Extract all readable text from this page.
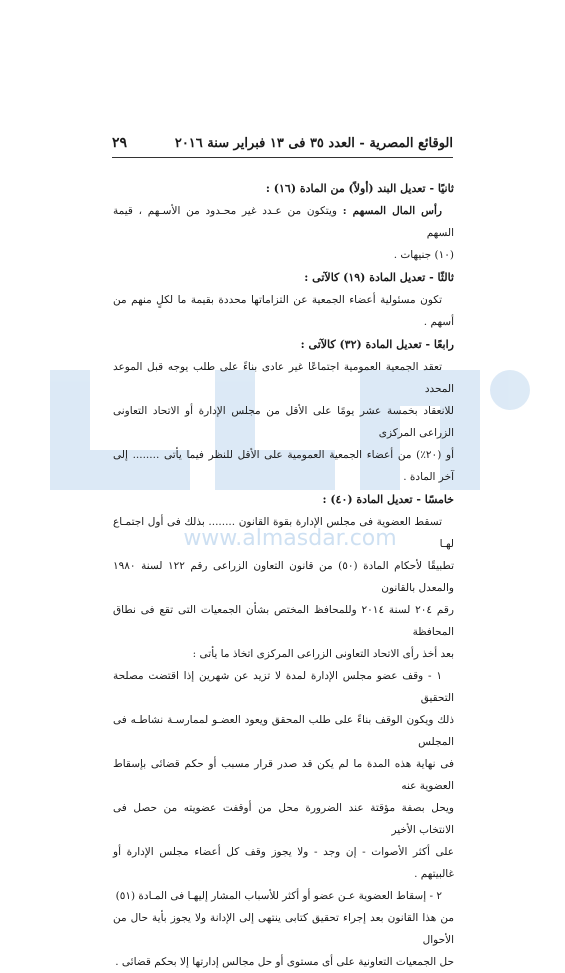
www.almasdar.com
الوقائع المصرية - العدد ٣٥ فى ١٣ فبراير سنة ٢٠١٦
٢٩
ثانيًا - تعديل البند (أولاً) من المادة (١٦) :
رأس المال المسهم : ويتكون من عـدد غير محـدود من الأسـهم ، قيمة السهم
(١٠) جنيهات .
ثالثًا - تعديل المادة (١٩) كالآتى :
تكون مسئولية أعضاء الجمعية عن التزاماتها محددة بقيمة ما لكلٍ منهم من أسهم .
رابعًا - تعديل المادة (٣٢) كالآتى :
تعقد الجمعية العمومية اجتماعًا غير عادى بناءً على طلب يوجه قبل الموعد المحدد
للانعقاد بخمسة عشر يومًا على الأقل من مجلس الإدارة أو الاتحاد التعاونى الزراعى المركزى
أو (٢٠٪) من أعضاء الجمعية العمومية على الأقل للنظر فيما يأتى ........ إلى آخر المادة .
خامسًا - تعديل المادة (٤٠) :
تسقط العضوية فى مجلس الإدارة بقوة القانون ........ بذلك فى أول اجتمـاع لهـا
تطبيقًا لأحكام المادة (٥٠) من قانون التعاون الزراعى رقم ١٢٢ لسنة ١٩٨٠ والمعدل بالقانون
رقم ٢٠٤ لسنة ٢٠١٤ وللمحافظ المختص بشأن الجمعيات التى تقع فى نطاق المحافظة
بعد أخذ رأى الاتحاد التعاونى الزراعى المركزى اتخاذ ما يأتى :
١ - وقف عضو مجلس الإدارة لمدة لا تزيد عن شهرين إذا اقتضت مصلحة التحقيق
ذلك ويكون الوقف بناءً على طلب المحقق ويعود العضـو لممارسـة نشاطـه فى المجلس
فى نهاية هذه المدة ما لم يكن قد صدر قرار مسبب أو حكم قضائى بإسقاط العضوية عنه
ويحل بصفة مؤقتة عند الضرورة محل من أوقفت عضويته من حصل فى الانتخاب الأخير
على أكثر الأصوات - إن وجد - ولا يجوز وقف كل أعضاء مجلس الإدارة أو غالبيتهم .
٢ - إسقاط العضوية عـن عضو أو أكثر للأسباب المشار إليهـا فى المـادة (٥١)
من هذا القانون بعد إجراء تحقيق كتابى ينتهى إلى الإدانة ولا يجوز بأية حال من الأحوال
حل الجمعيات التعاونية على أى مستوى أو حل مجالس إدارتها إلا بحكم قضائى .
